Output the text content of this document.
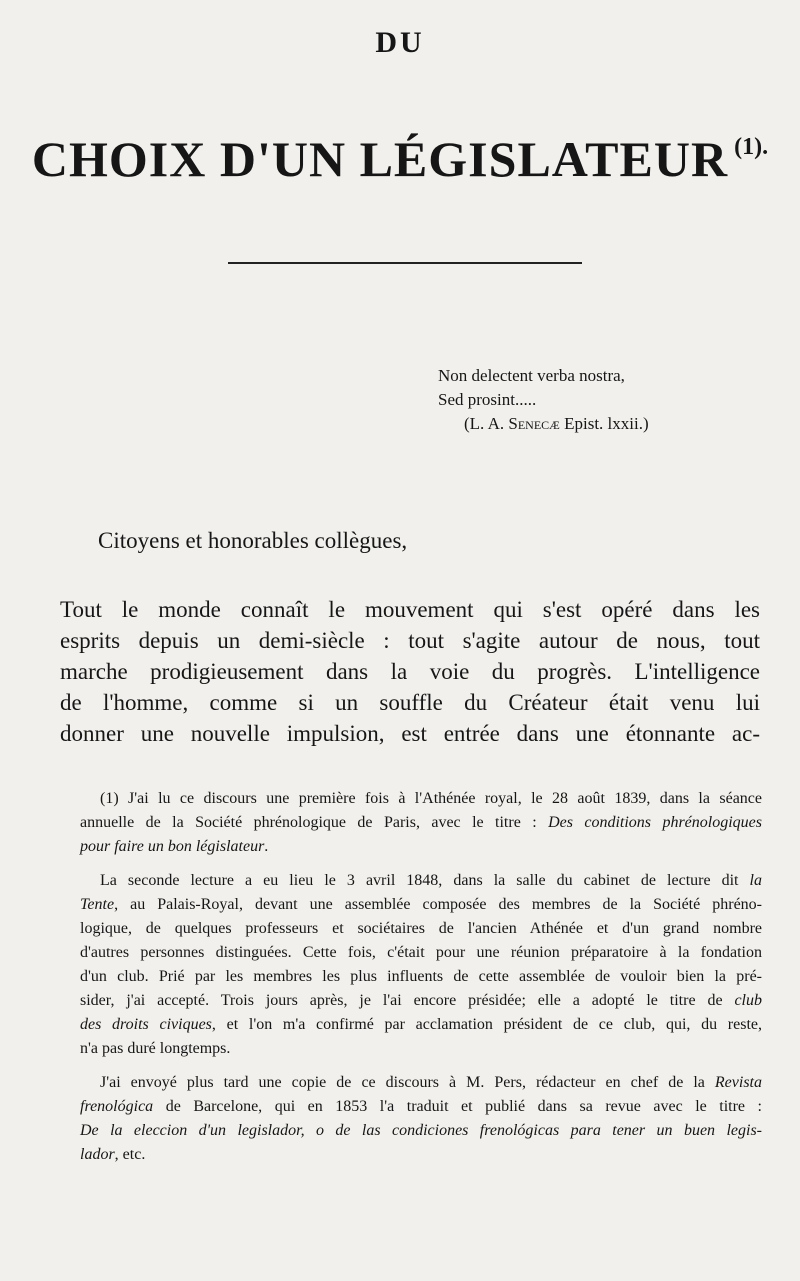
DU
CHOIX D'UN LÉGISLATEUR $^{(1).}$
Non delectent verba nostra,
Sed prosint.....
(L. A. Senecæ Epist. lxxii.)
Citoyens et honorables collègues,
Tout le monde connaît le mouvement qui s'est opéré dans les
esprits depuis un demi-siècle : tout s'agite autour de nous, tout
marche prodigieusement dans la voie du progrès. L'intelligence
de l'homme, comme si un souffle du Créateur était venu lui
donner une nouvelle impulsion, est entrée dans une étonnante ac-
(1) J'ai lu ce discours une première fois à l'Athénée royal, le 28 août 1839, dans la séance
annuelle de la Société phrénologique de Paris, avec le titre : Des conditions phrénologiques
pour faire un bon législateur.
La seconde lecture a eu lieu le 3 avril 1848, dans la salle du cabinet de lecture dit la
Tente, au Palais-Royal, devant une assemblée composée des membres de la Société phréno-
logique, de quelques professeurs et sociétaires de l'ancien Athénée et d'un grand nombre
d'autres personnes distinguées. Cette fois, c'était pour une réunion préparatoire à la fondation
d'un club. Prié par les membres les plus influents de cette assemblée de vouloir bien la pré-
sider, j'ai accepté. Trois jours après, je l'ai encore présidée; elle a adopté le titre de club
des droits civiques, et l'on m'a confirmé par acclamation président de ce club, qui, du reste,
n'a pas duré longtemps.
J'ai envoyé plus tard une copie de ce discours à M. Pers, rédacteur en chef de la Revista
frenológica de Barcelone, qui en 1853 l'a traduit et publié dans sa revue avec le titre :
De la eleccion d'un legislador, o de las condiciones frenológicas para tener un buen legis-
lador, etc.
